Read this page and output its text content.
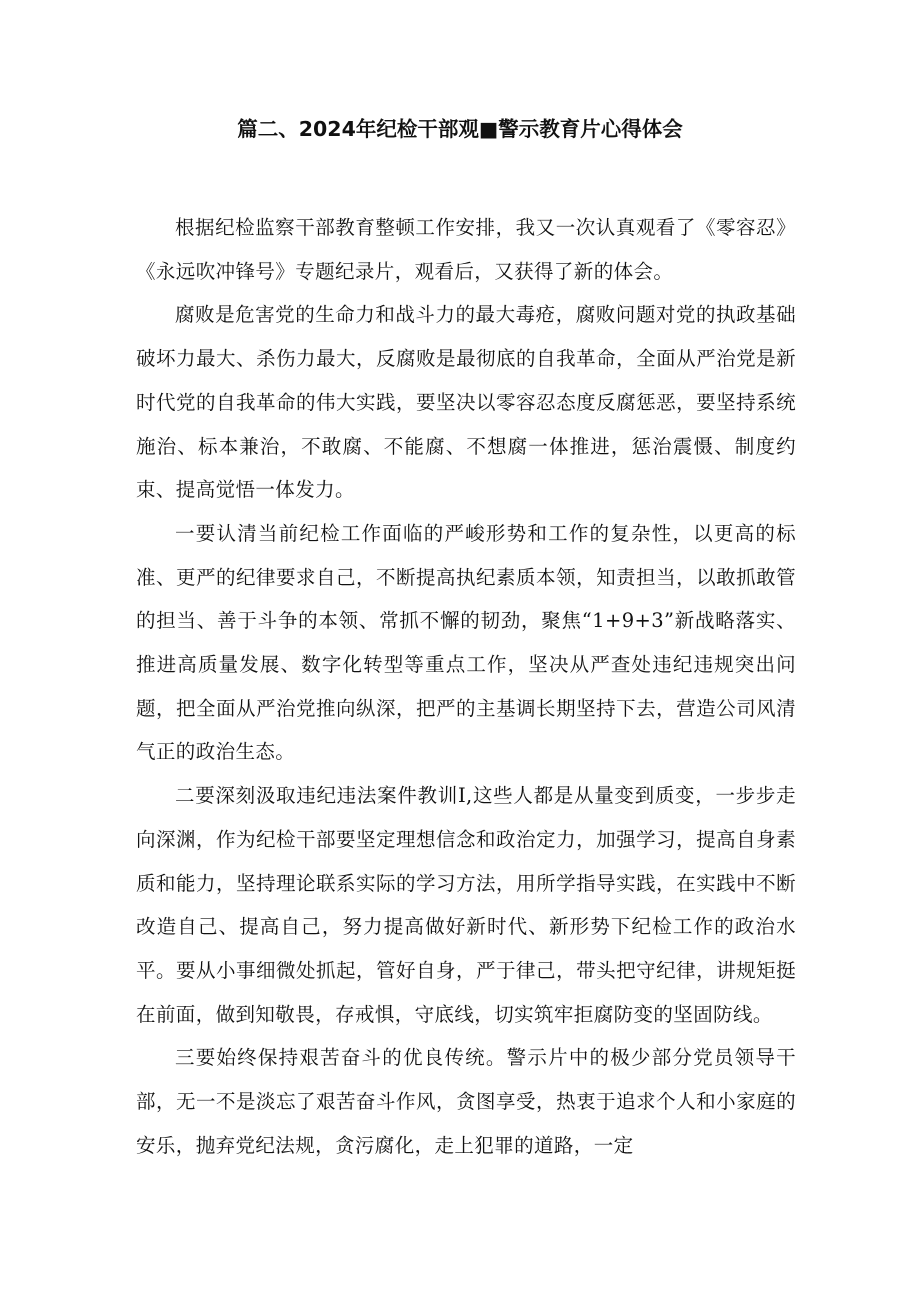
篇二、2024年纪检干部观■警示教育片心得体会

根据纪检监察干部教育整顿工作安排，我又一次认真观看了《零容忍》《永远吹冲锋号》专题纪录片，观看后，又获得了新的体会。

腐败是危害党的生命力和战斗力的最大毒疮，腐败问题对党的执政基础破坏力最大、杀伤力最大，反腐败是最彻底的自我革命，全面从严治党是新时代党的自我革命的伟大实践，要坚决以零容忍态度反腐惩恶，要坚持系统施治、标本兼治，不敢腐、不能腐、不想腐一体推进，惩治震慑、制度约束、提高觉悟一体发力。

一要认清当前纪检工作面临的严峻形势和工作的复杂性，以更高的标准、更严的纪律要求自己，不断提高执纪素质本领，知责担当，以敢抓敢管的担当、善于斗争的本领、常抓不懈的韧劲，聚焦“1+9+3”新战略落实、推进高质量发展、数字化转型等重点工作，坚决从严查处违纪违规突出问题，把全面从严治党推向纵深，把严的主基调长期坚持下去，营造公司风清气正的政治生态。

二要深刻汲取违纪违法案件教训I,这些人都是从量变到质变，一步步走向深渊，作为纪检干部要坚定理想信念和政治定力，加强学习，提高自身素质和能力，坚持理论联系实际的学习方法，用所学指导实践，在实践中不断改造自己、提高自己，努力提高做好新时代、新形势下纪检工作的政治水平。要从小事细微处抓起，管好自身，严于律己，带头把守纪律，讲规矩挺在前面，做到知敬畏，存戒惧，守底线，切实筑牢拒腐防变的坚固防线。

三要始终保持艰苦奋斗的优良传统。警示片中的极少部分党员领导干部，无一不是淡忘了艰苦奋斗作风，贪图享受，热衷于追求个人和小家庭的安乐，抛弃党纪法规，贪污腐化，走上犯罪的道路，一定
